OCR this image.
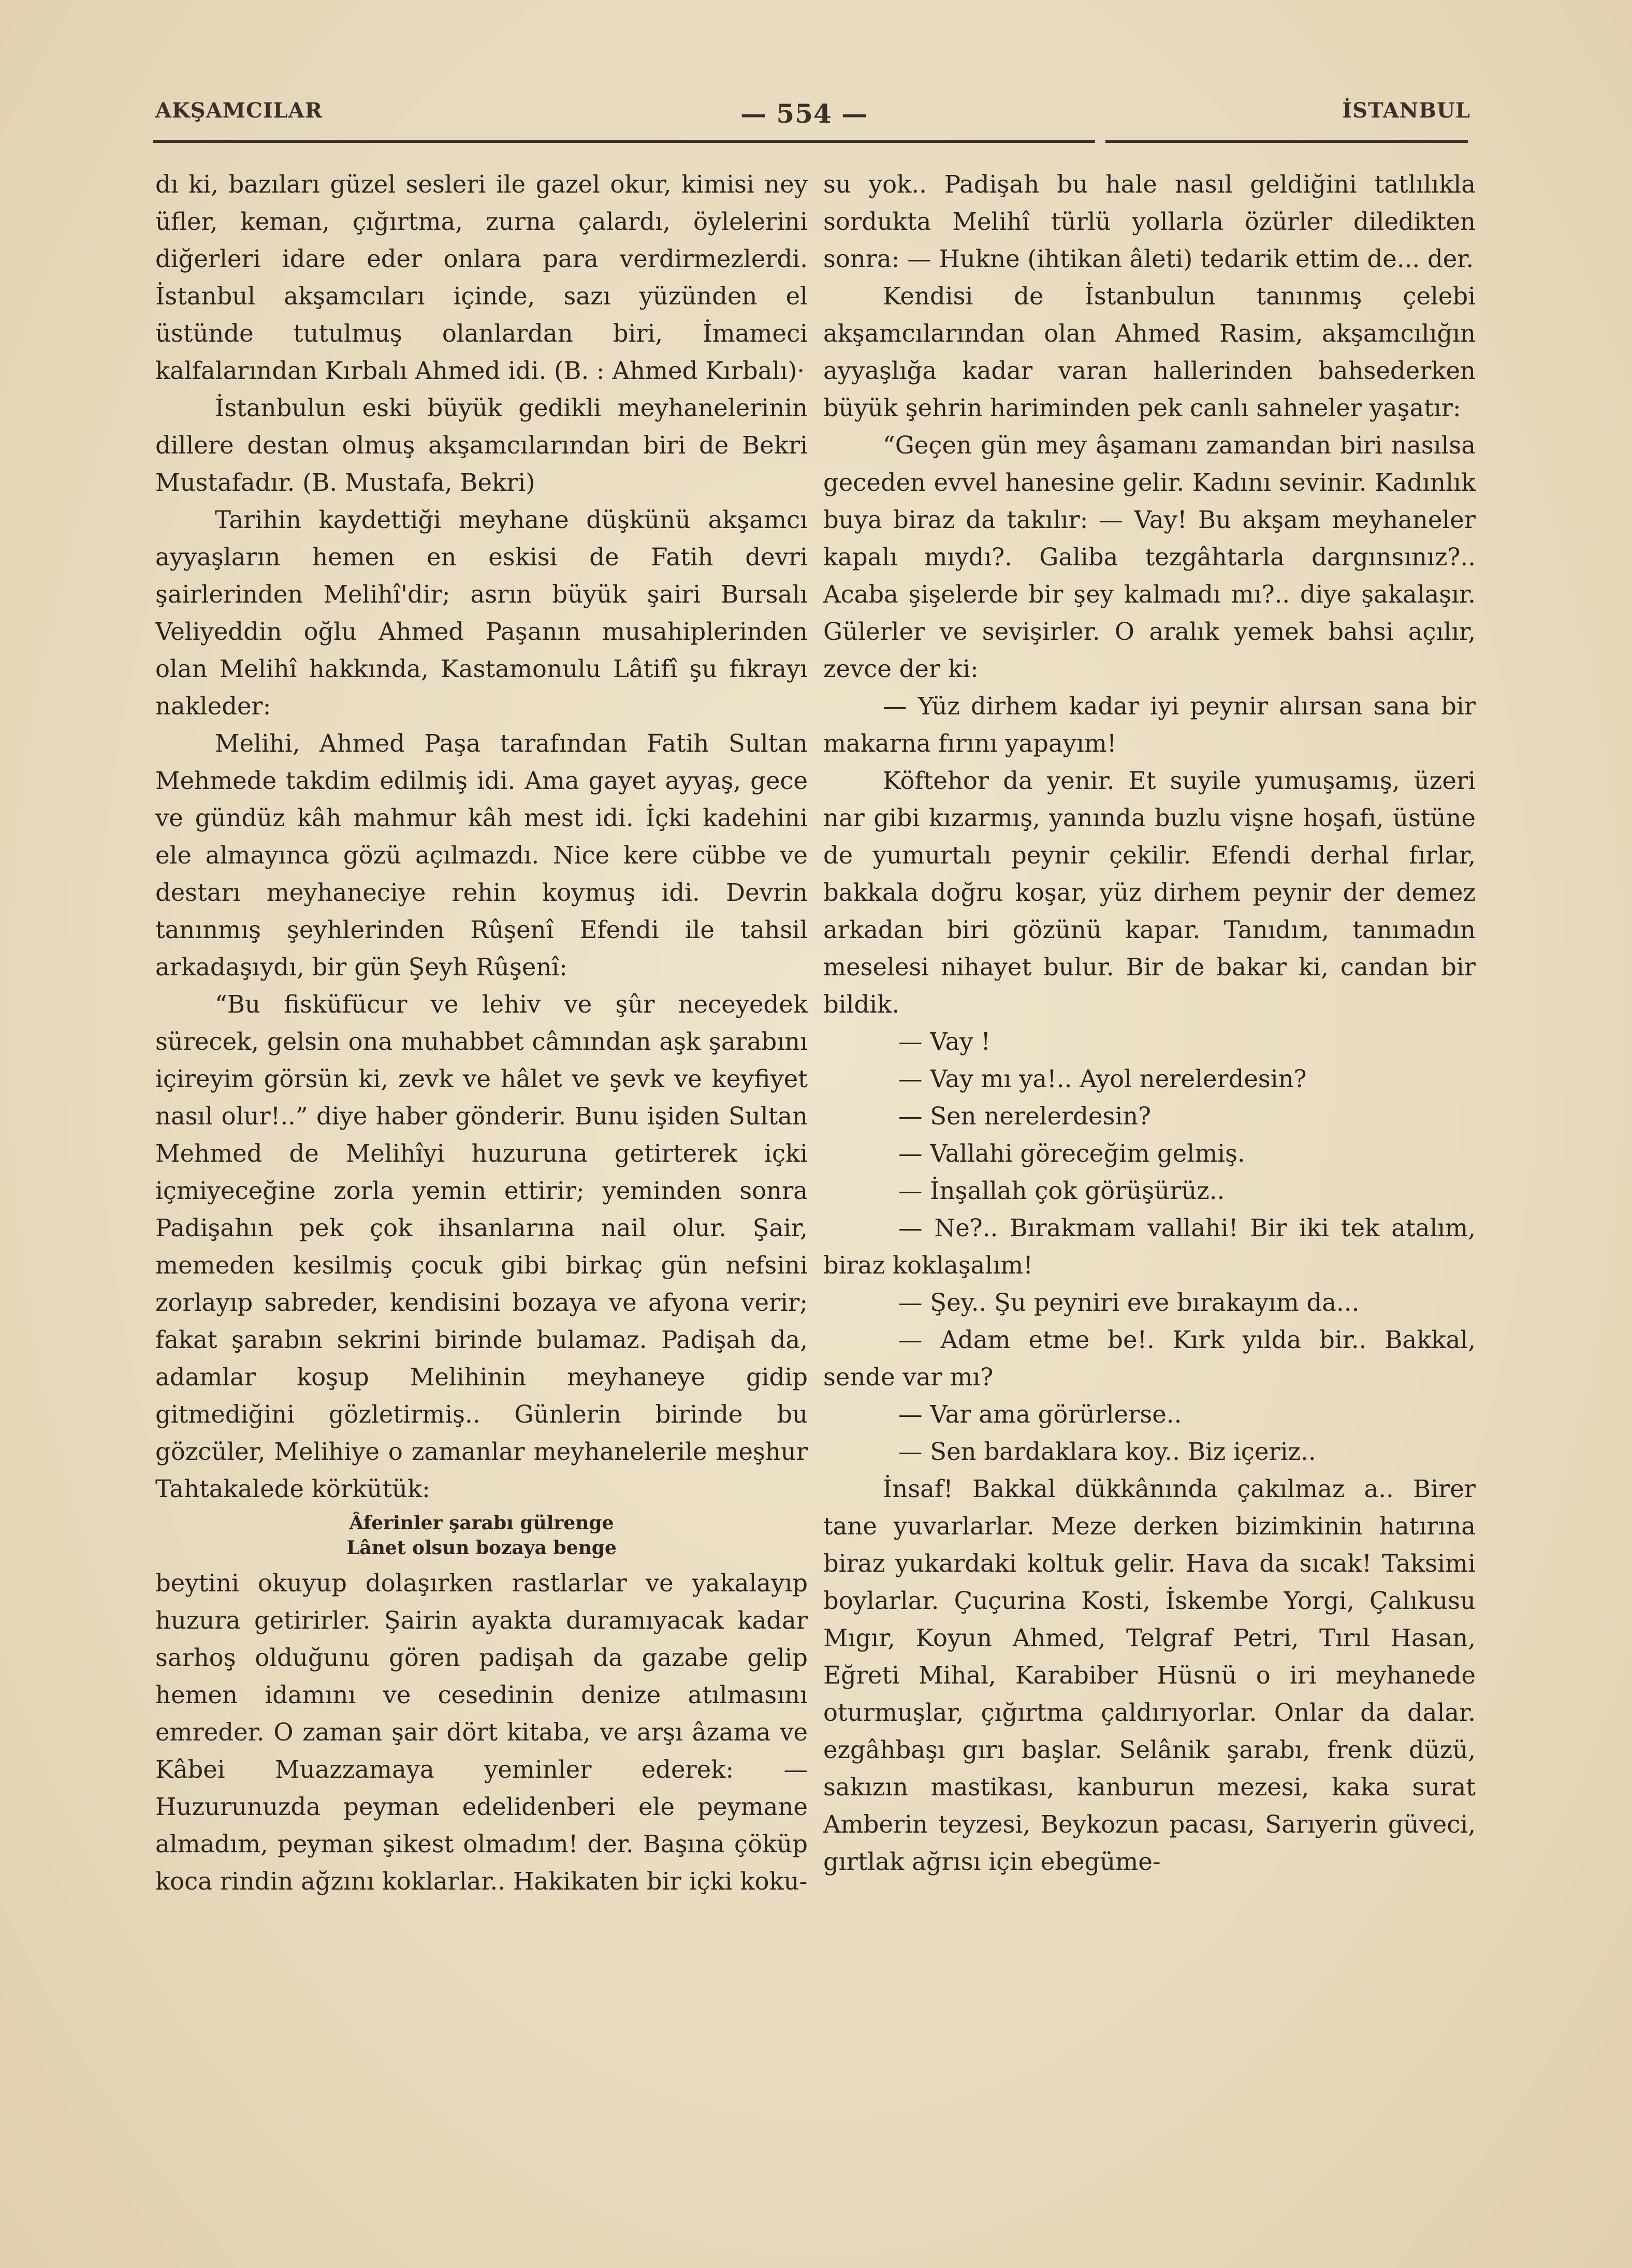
AKŞAMCILAR	— 554 —	İSTANBUL

dı ki, bazıları güzel sesleri ile gazel okur, kimisi ney üfler, keman, çığırtma, zurna çalardı, öylelerini diğerleri idare eder onlara para verdirmezlerdi. İstanbul akşamcıları içinde, sazı yüzünden el üstünde tutulmuş olanlardan biri, İmameci kalfalarından Kırbalı Ahmed idi. (B. : Ahmed Kırbalı)·

İstanbulun eski büyük gedikli meyhanelerinin dillere destan olmuş akşamcılarından biri de Bekri Mustafadır. (B. Mustafa, Bekri)

Tarihin kaydettiği meyhane düşkünü akşamcı ayyaşların hemen en eskisi de Fatih devri şairlerinden Melihî'dir; asrın büyük şairi Bursalı Veliyeddin oğlu Ahmed Paşanın musahiplerinden olan Melihî hakkında, Kastamonulu Lâtifî şu fıkrayı nakleder:

Melihi, Ahmed Paşa tarafından Fatih Sultan Mehmede takdim edilmiş idi. Ama gayet ayyaş, gece ve gündüz kâh mahmur kâh mest idi. İçki kadehini ele almayınca gözü açılmazdı. Nice kere cübbe ve destarı meyhaneciye rehin koymuş idi. Devrin tanınmış şeyhlerinden Rûşenî Efendi ile tahsil arkadaşıydı, bir gün Şeyh Rûşenî:

“Bu fisküfücur ve lehiv ve şûr neceyedek sürecek, gelsin ona muhabbet câmından aşk şarabını içireyim görsün ki, zevk ve hâlet ve şevk ve keyfiyet nasıl olur!..” diye haber gönderir. Bunu işiden Sultan Mehmed de Melihîyi huzuruna getirterek içki içmiyeceğine zorla yemin ettirir; yeminden sonra Padişahın pek çok ihsanlarına nail olur. Şair, memeden kesilmiş çocuk gibi birkaç gün nefsini zorlayıp sabreder, kendisini bozaya ve afyona verir; fakat şarabın sekrini birinde bulamaz. Padişah da, adamlar koşup Melihinin meyhaneye gidip gitmediğini gözletirmiş.. Günlerin birinde bu gözcüler, Melihiye o zamanlar meyhanelerile meşhur Tahtakalede körkütük:

Âferinler şarabı gülrenge
Lânet olsun bozaya benge

beytini okuyup dolaşırken rastlarlar ve yakalayıp huzura getirirler. Şairin ayakta duramıyacak kadar sarhoş olduğunu gören padişah da gazabe gelip hemen idamını ve cesedinin denize atılmasını emreder. O zaman şair dört kitaba, ve arşı âzama ve Kâbei Muazzamaya yeminler ederek: — Huzurunuzda peyman edelidenberi ele peymane almadım, peyman şikest olmadım! der. Başına çöküp koca rindin ağzını koklarlar.. Hakikaten bir içki koku-

su yok.. Padişah bu hale nasıl geldiğini tatlılıkla sordukta Melihî türlü yollarla özürler diledikten sonra: — Hukne (ihtikan âleti) tedarik ettim de... der.

Kendisi de İstanbulun tanınmış çelebi akşamcılarından olan Ahmed Rasim, akşamcılığın ayyaşlığa kadar varan hallerinden bahsederken büyük şehrin hariminden pek canlı sahneler yaşatır:

“Geçen gün mey âşamanı zamandan biri nasılsa geceden evvel hanesine gelir. Kadını sevinir. Kadınlık buya biraz da takılır: — Vay! Bu akşam meyhaneler kapalı mıydı?. Galiba tezgâhtarla dargınsınız?.. Acaba şişelerde bir şey kalmadı mı?.. diye şakalaşır. Gülerler ve sevişirler. O aralık yemek bahsi açılır, zevce der ki:

— Yüz dirhem kadar iyi peynir alırsan sana bir makarna fırını yapayım!

Köftehor da yenir. Et suyile yumuşamış, üzeri nar gibi kızarmış, yanında buzlu vişne hoşafı, üstüne de yumurtalı peynir çekilir. Efendi derhal fırlar, bakkala doğru koşar, yüz dirhem peynir der demez arkadan biri gözünü kapar. Tanıdım, tanımadın meselesi nihayet bulur. Bir de bakar ki, candan bir bildik.

— Vay !

— Vay mı ya!.. Ayol nerelerdesin?

— Sen nerelerdesin?

— Vallahi göreceğim gelmiş.

— İnşallah çok görüşürüz..

— Ne?.. Bırakmam vallahi! Bir iki tek atalım, biraz koklaşalım!

— Şey.. Şu peyniri eve bırakayım da...

— Adam etme be!. Kırk yılda bir.. Bakkal, sende var mı?

— Var ama görürlerse..

— Sen bardaklara koy.. Biz içeriz..

İnsaf! Bakkal dükkânında çakılmaz a.. Birer tane yuvarlarlar. Meze derken bizimkinin hatırına biraz yukardaki koltuk gelir. Hava da sıcak! Taksimi boylarlar. Çuçurina Kosti, İskembe Yorgi, Çalıkusu Mıgır, Koyun Ahmed, Telgraf Petri, Tırıl Hasan, Eğreti Mihal, Karabiber Hüsnü o iri meyhanede oturmuşlar, çığırtma çaldırıyorlar. Onlar da dalar. ezgâhbaşı gırı başlar. Selânik şarabı, frenk düzü, sakızın mastikası, kanburun mezesi, kaka surat Amberin teyzesi, Beykozun pacası, Sarıyerin güveci, gırtlak ağrısı için ebegüme-
